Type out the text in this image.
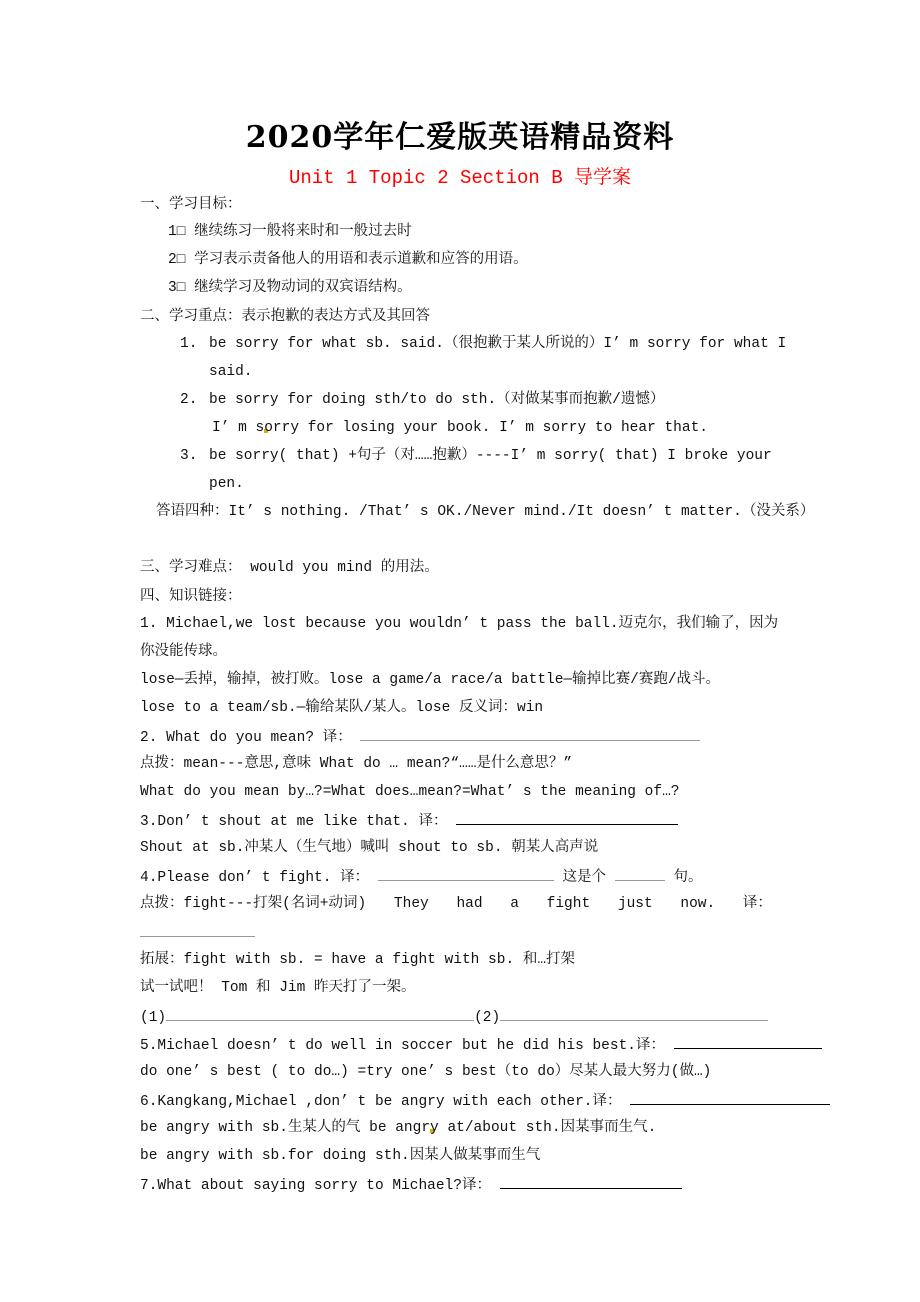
2020学年仁爱版英语精品资料
Unit 1 Topic 2 Section B 导学案
一、学习目标：
1□ 继续练习一般将来时和一般过去时
2□ 学习表示责备他人的用语和表示道歉和应答的用语。
3□ 继续学习及物动词的双宾语结构。
二、学习重点：表示抱歉的表达方式及其回答
1. be sorry for what sb. said.（很抱歉于某人所说的）I’ m sorry for what I
said.
2. be sorry for doing sth/to do sth.（对做某事而抱歉/遗憾）
I’ m sorry for losing your book. I’ m sorry to hear that.
3. be sorry( that) +句子（对……抱歉）----I’ m sorry( that) I broke your
pen.
答语四种：It’ s nothing. /That’ s OK./Never mind./It doesn’ t matter.（没关系）
三、学习难点： would you mind 的用法。
四、知识链接：
1. Michael,we lost because you wouldn’ t pass the ball.迈克尔，我们输了，因为
你没能传球。
lose—丢掉，输掉，被打败。lose a game/a race/a battle—输掉比赛/赛跑/战斗。
lose to a team/sb.—输给某队/某人。lose 反义词：win
2. What do you mean? 译：
点拨：mean---意思,意味 What do … mean?“……是什么意思？”
What do you mean by…?=What does…mean?=What’ s the meaning of…?
3.Don’ t shout at me like that. 译：
Shout at sb.冲某人（生气地）喊叫 shout to sb. 朝某人高声说
4.Please don’ t fight. 译：	这是个	句。
点拨：fight---打架(名词+动词) They had a fight just now. 译：
拓展：fight with sb. = have a fight with sb. 和…打架
试一试吧！ Tom 和 Jim 昨天打了一架。
(1)	(2)
5.Michael doesn’ t do well in soccer but he did his best.译：
do one’ s best ( to do…) =try one’ s best（to do）尽某人最大努力(做…)
6.Kangkang,Michael ,don’ t be angry with each other.译：
be angry with sb.生某人的气 be angry at/about sth.因某事而生气.
be angry with sb.for doing sth.因某人做某事而生气
7.What about saying sorry to Michael?译：
